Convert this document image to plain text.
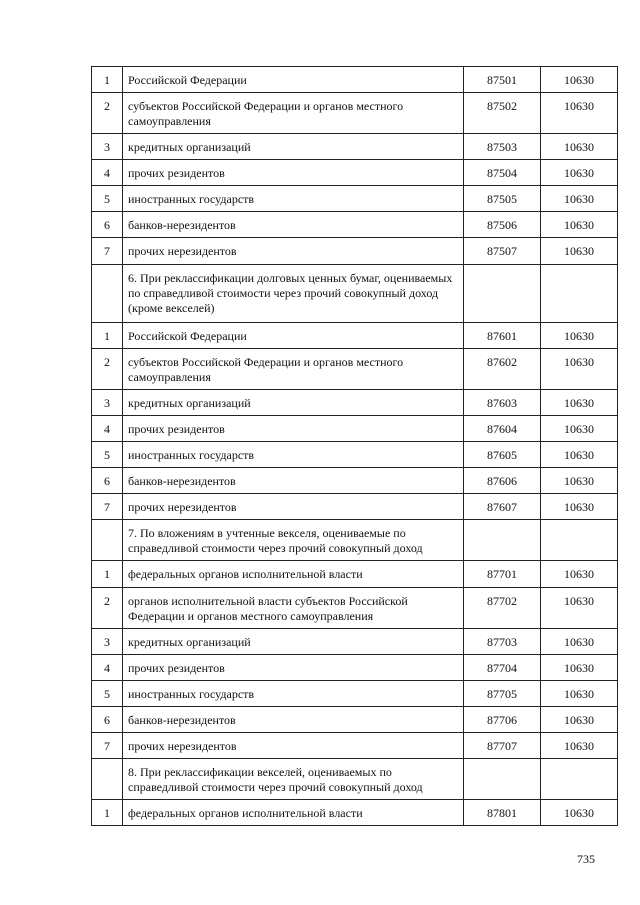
1	Российской Федерации	87501	10630
2	субъектов Российской Федерации и органов местного самоуправления	87502	10630
3	кредитных организаций	87503	10630
4	прочих резидентов	87504	10630
5	иностранных государств	87505	10630
6	банков-нерезидентов	87506	10630
7	прочих нерезидентов	87507	10630
	6. При реклассификации долговых ценных бумаг, оцениваемых по справедливой стоимости через прочий совокупный доход (кроме векселей)		
1	Российской Федерации	87601	10630
2	субъектов Российской Федерации и органов местного самоуправления	87602	10630
3	кредитных организаций	87603	10630
4	прочих резидентов	87604	10630
5	иностранных государств	87605	10630
6	банков-нерезидентов	87606	10630
7	прочих нерезидентов	87607	10630
	7. По вложениям в учтенные векселя, оцениваемые по справедливой стоимости через прочий совокупный доход		
1	федеральных органов исполнительной власти	87701	10630
2	органов исполнительной власти субъектов Российской Федерации и органов местного самоуправления	87702	10630
3	кредитных организаций	87703	10630
4	прочих резидентов	87704	10630
5	иностранных государств	87705	10630
6	банков-нерезидентов	87706	10630
7	прочих нерезидентов	87707	10630
	8. При реклассификации векселей, оцениваемых по справедливой стоимости через прочий совокупный доход		
1	федеральных органов исполнительной власти	87801	10630
735
